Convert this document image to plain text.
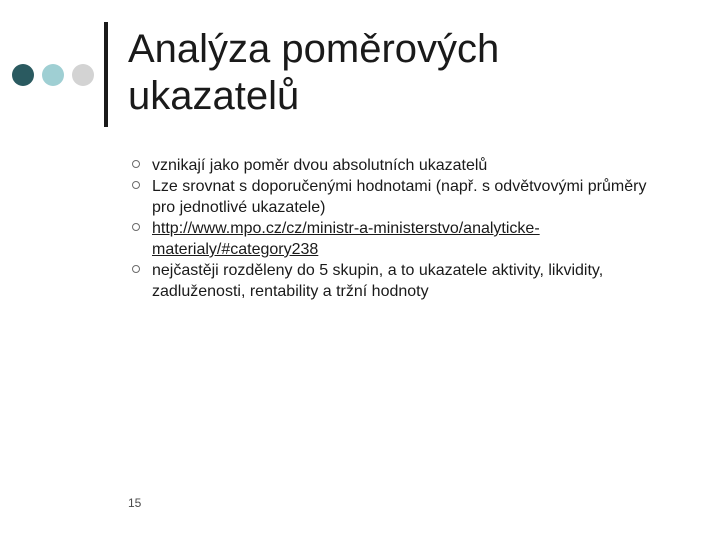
Analýza poměrových
ukazatelů
vznikají jako poměr dvou absolutních ukazatelů
Lze srovnat s doporučenými hodnotami (např. s odvětvovými průměry pro jednotlivé ukazatele)
http://www.mpo.cz/cz/ministr-a-ministerstvo/analyticke-materialy/#category238
nejčastěji rozděleny do 5 skupin, a to ukazatele aktivity, likvidity, zadluženosti, rentability a tržní hodnoty
15
